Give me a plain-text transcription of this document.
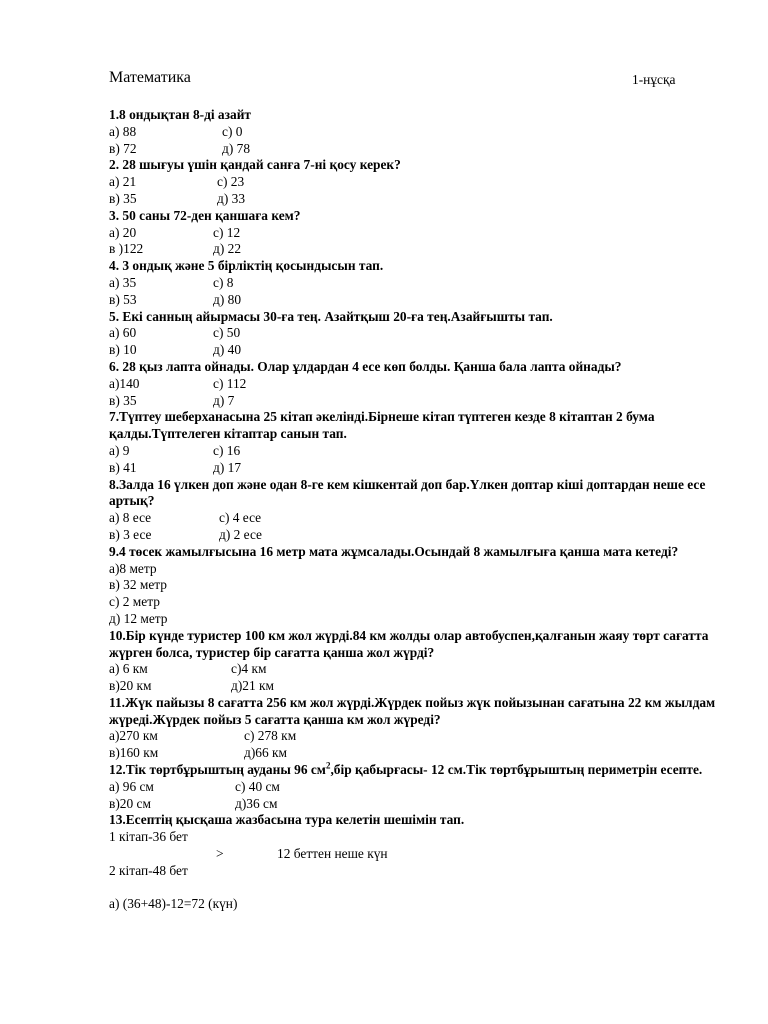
Математика	1-нұсқа
1.8 ондықтан 8-ді азайт
а) 88	с) 0
в) 72	д) 78
2. 28 шығуы үшін қандай санға 7-ні қосу керек?
а) 21	с) 23
в) 35	д) 33
3. 50 саны 72-ден қаншаға кем?
а) 20	с) 12
в )122	д) 22
4. 3 ондық және 5 бірліктің қосындысын тап.
а) 35	с) 8
в) 53	д) 80
5. Екі санның айырмасы 30-ға тең. Азайтқыш 20-ға тең.Азайғышты тап.
а) 60	с) 50
в) 10	д) 40
6. 28 қыз лапта ойнады. Олар ұлдардан 4 есе көп болды. Қанша бала лапта ойнады?
а)140	с) 112
в) 35	д) 7
7.Түптеу шеберханасына 25 кітап әкелінді.Бірнеше кітап түптеген кезде 8 кітаптан 2 бума қалды.Түптелеген кітаптар санын тап.
а) 9	с) 16
в) 41	д) 17
8.Залда 16 үлкен доп және одан 8-ге кем кішкентай доп бар.Үлкен доптар кіші доптардан неше есе артық?
а) 8 есе	с) 4 есе
в) 3 есе	д) 2 есе
9.4 төсек жамылғысына 16 метр мата жұмсалады.Осындай 8 жамылғыға қанша мата кетеді?
а)8 метр
в) 32 метр
с) 2 метр
д) 12 метр
10.Бір күнде туристер 100 км жол жүрді.84 км жолды олар автобуспен,қалғанын жаяу төрт сағатта жүрген болса, туристер бір сағатта қанша жол жүрді?
а) 6 км	с)4 км
в)20 км	д)21 км
11.Жүк пайызы 8 сағатта 256 км жол жүрді.Жүрдек пойыз жүк пойызынан сағатына 22 км жылдам жүреді.Жүрдек пойыз 5 сағатта қанша км жол жүреді?
а)270 км	с) 278 км
в)160 км	д)66 км
12.Тік төртбұрыштың ауданы 96 $см^2,бір$ қабырғасы- 12 см.Тік төртбұрыштың периметрін есепте.
а) 96 см	с) 40 см
в)20 см	д)36 см
13.Есептің қысқаша жазбасына тура келетін шешімін тап.
1 кітап-36 бет
>	12 беттен неше күн
2 кітап-48 бет
а) (36+48)-12=72 (күн)
